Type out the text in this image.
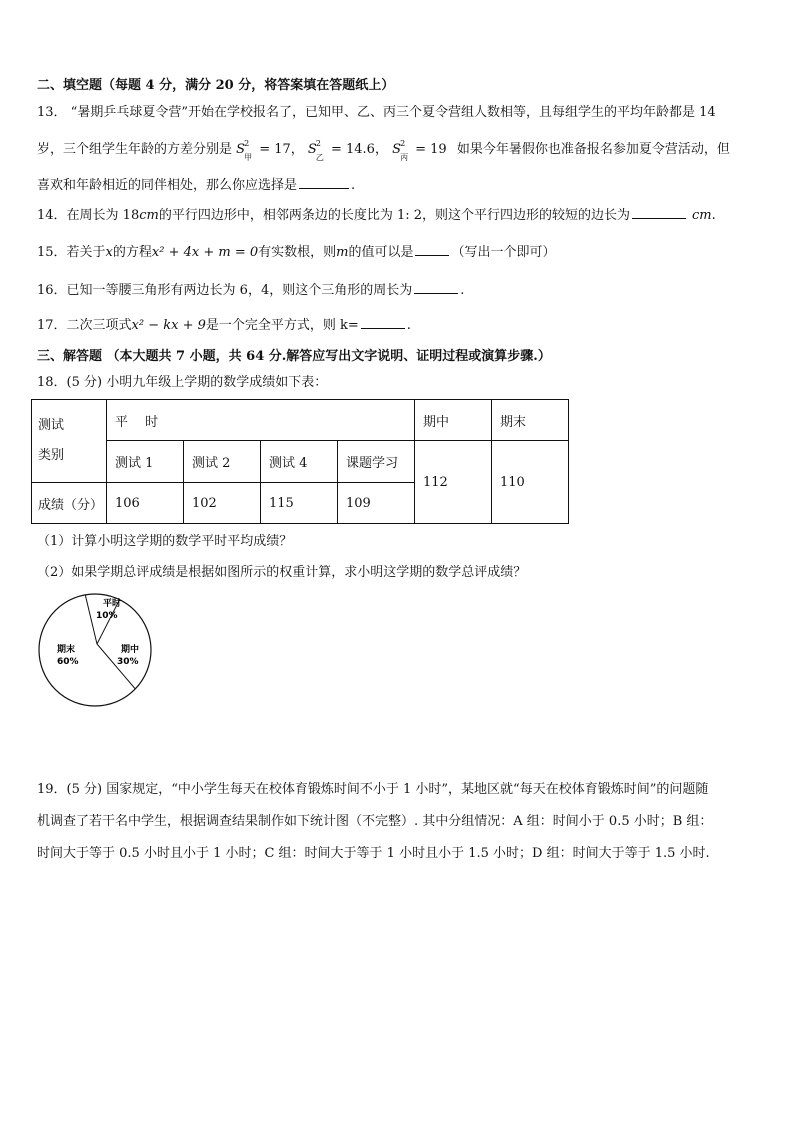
二、填空题（每题 4 分，满分 20 分，将答案填在答题纸上）
13． “暑期乒乓球夏令营”开始在学校报名了，已知甲、乙、丙三个夏令营组人数相等，且每组学生的平均年龄都是 14
岁，三个组学生年龄的方差分别是 S 2
甲
= 17， S 2
乙
= 14.6， S 2
丙
= 19 如果今年暑假你也准备报名参加夏令营活动，但
喜欢和年龄相近的同伴相处，那么你应选择是	.
14．在周长为 18cm的平行四边形中，相邻两条边的长度比为 1: 2，则这个平行四边形的较短的边长为	cm.
15．若关于x的方程x² + 4x + m = 0有实数根，则m的值可以是	（写出一个即可）
16．已知一等腰三角形有两边长为 6，4，则这个三角形的周长为	.
17．二次三项式x² − kx + 9是一个完全平方式，则 k=	.
三、解答题 （本大题共 7 小题，共 64 分.解答应写出文字说明、证明过程或演算步骤.）
18．(5 分) 小明九年级上学期的数学成绩如下表：
测试
类别	平　 时				期中	期末
	测试 1	测试 2	测试 4	课题学习	112	110
成绩（分）	106	102	115	109		
（1）计算小明这学期的数学平时平均成绩？
（2）如果学期总评成绩是根据如图所示的权重计算，求小明这学期的数学总评成绩？
平时
10%
期中
30%
期末
60%
19．(5 分) 国家规定，“中小学生每天在校体育锻炼时间不小于 1 小时”，某地区就“每天在校体育锻炼时间”的问题随
机调查了若干名中学生，根据调查结果制作如下统计图（不完整）. 其中分组情况：A 组：时间小于 0.5 小时；B 组：
时间大于等于 0.5 小时且小于 1 小时；C 组：时间大于等于 1 小时且小于 1.5 小时；D 组：时间大于等于 1.5 小时.
